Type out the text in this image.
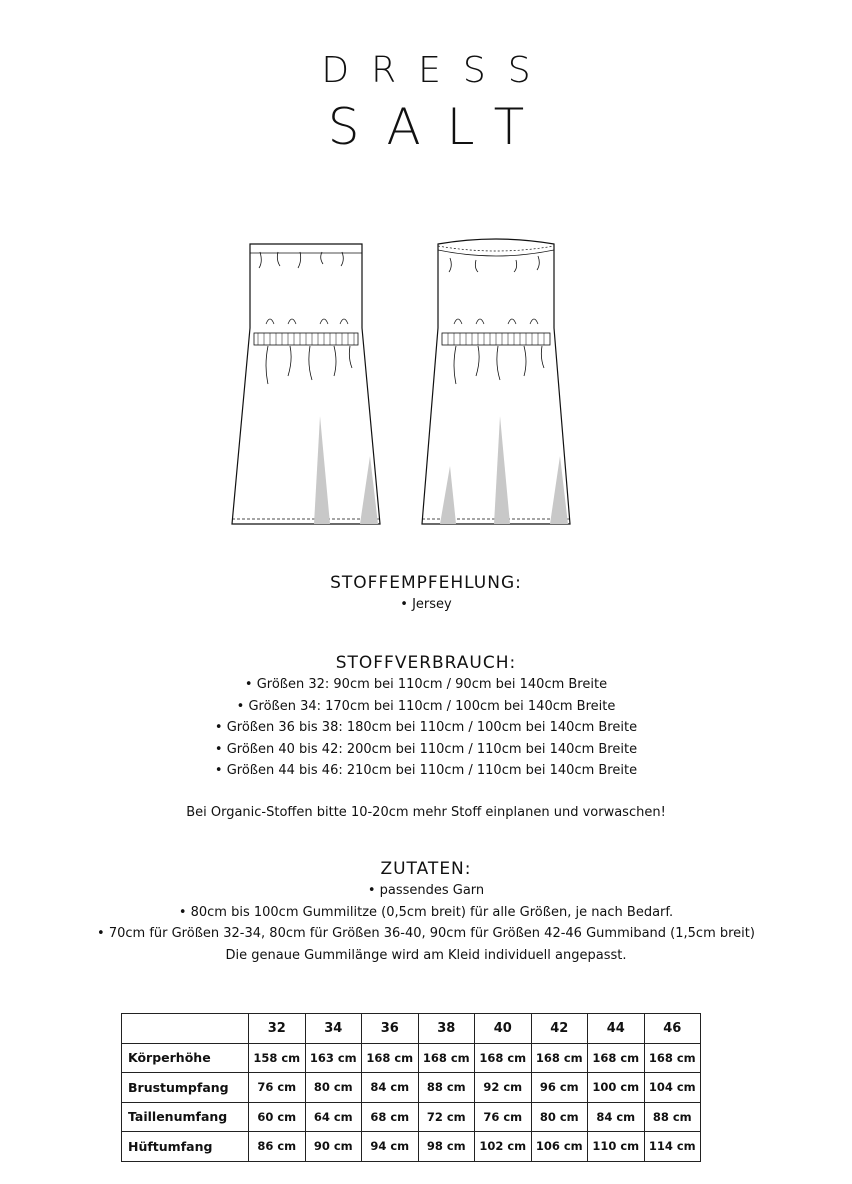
DRESS
SALT

STOFFEMPFEHLUNG:

• Jersey

STOFFVERBRAUCH:

• Größen 32: 90cm bei 110cm / 90cm bei 140cm Breite

• Größen 34: 170cm bei 110cm / 100cm bei 140cm Breite

• Größen 36 bis 38: 180cm bei 110cm / 100cm bei 140cm Breite

• Größen 40 bis 42: 200cm bei 110cm / 110cm bei 140cm Breite

• Größen 44 bis 46: 210cm bei 110cm / 110cm bei 140cm Breite

Bei Organic-Stoffen bitte 10-20cm mehr Stoff einplanen und vorwaschen!

ZUTATEN:

• passendes Garn

• 80cm bis 100cm Gummilitze (0,5cm breit) für alle Größen, je nach Bedarf.

• 70cm für Größen 32-34, 80cm für Größen 36-40, 90cm für Größen 42-46 Gummiband (1,5cm breit)

Die genaue Gummilänge wird am Kleid individuell angepasst.

	32	34	36	38	40	42	44	46
Körperhöhe	158 cm	163 cm	168 cm	168 cm	168 cm	168 cm	168 cm	168 cm
Brustumpfang	76 cm	80 cm	84 cm	88 cm	92 cm	96 cm	100 cm	104 cm
Taillenumfang	60 cm	64 cm	68 cm	72 cm	76 cm	80 cm	84 cm	88 cm
Hüftumfang	86 cm	90 cm	94 cm	98 cm	102 cm	106 cm	110 cm	114 cm
